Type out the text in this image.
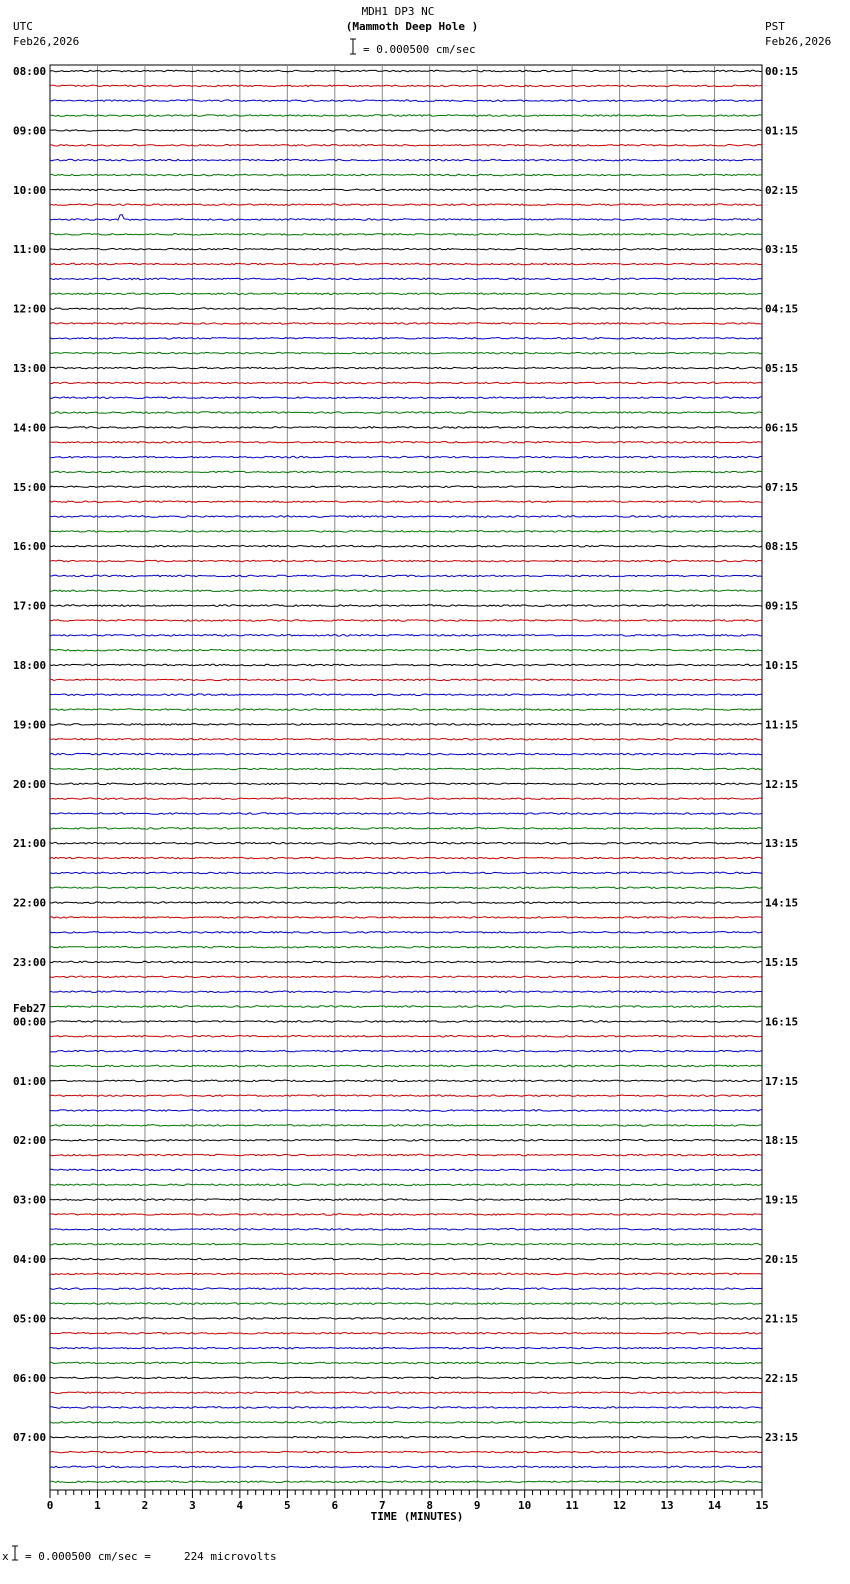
MDH1 DP3 NC
(Mammoth Deep Hole )
= 0.000500 cm/sec
UTC
Feb26,2026
PST
Feb26,2026
08:00
09:00
10:00
11:00
12:00
13:00
14:00
15:00
16:00
17:00
18:00
19:00
20:00
21:00
22:00
23:00
00:00
01:00
02:00
03:00
04:00
05:00
06:00
07:00
00:15
01:15
02:15
03:15
04:15
05:15
06:15
07:15
08:15
09:15
10:15
11:15
12:15
13:15
14:15
15:15
16:15
17:15
18:15
19:15
20:15
21:15
22:15
23:15
Feb27
0	1	2	3	4	5	6	7	8	9	10	11	12	13	14	15
TIME (MINUTES)
x = 0.000500 cm/sec =     224 microvolts
